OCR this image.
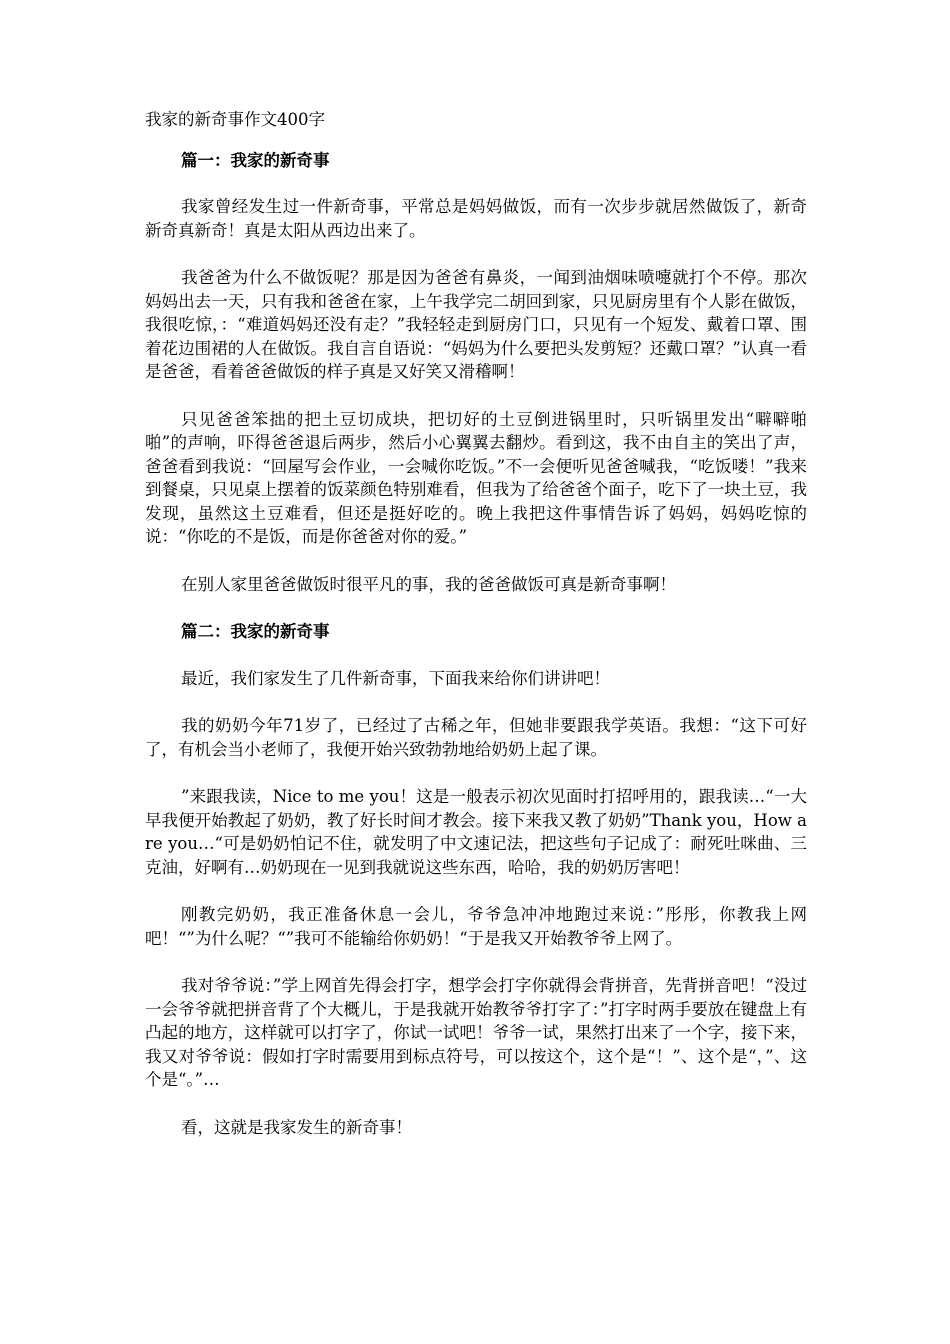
我家的新奇事作文400字

篇一：我家的新奇事

我家曾经发生过一件新奇事，平常总是妈妈做饭，而有一次步步就居然做饭了，新奇新奇真新奇！真是太阳从西边出来了。

我爸爸为什么不做饭呢？那是因为爸爸有鼻炎，一闻到油烟味喷嚏就打个不停。那次妈妈出去一天，只有我和爸爸在家，上午我学完二胡回到家，只见厨房里有个人影在做饭，我很吃惊，：“难道妈妈还没有走？”我轻轻走到厨房门口，只见有一个短发、戴着口罩、围着花边围裙的人在做饭。我自言自语说：“妈妈为什么要把头发剪短？还戴口罩？”认真一看是爸爸，看着爸爸做饭的样子真是又好笑又滑稽啊！

只见爸爸笨拙的把土豆切成块，把切好的土豆倒进锅里时，只听锅里发出“噼噼啪啪”的声响，吓得爸爸退后两步，然后小心翼翼去翻炒。看到这，我不由自主的笑出了声，爸爸看到我说：“回屋写会作业，一会喊你吃饭。”不一会便听见爸爸喊我，“吃饭喽！”我来到餐桌，只见桌上摆着的饭菜颜色特别难看，但我为了给爸爸个面子，吃下了一块土豆，我发现，虽然这土豆难看，但还是挺好吃的。晚上我把这件事情告诉了妈妈，妈妈吃惊的说：“你吃的不是饭，而是你爸爸对你的爱。”

在别人家里爸爸做饭时很平凡的事，我的爸爸做饭可真是新奇事啊！

篇二：我家的新奇事

最近，我们家发生了几件新奇事，下面我来给你们讲讲吧！

我的奶奶今年71岁了，已经过了古稀之年，但她非要跟我学英语。我想：“这下可好了，有机会当小老师了，我便开始兴致勃勃地给奶奶上起了课。

”来跟我读，Nice to me you！这是一般表示初次见面时打招呼用的，跟我读…“一大早我便开始教起了奶奶，教了好长时间才教会。接下来我又教了奶奶”Thank you，How are you…“可是奶奶怕记不住，就发明了中文速记法，把这些句子记成了：耐死吐咪曲、三克油，好啊有…奶奶现在一见到我就说这些东西，哈哈，我的奶奶厉害吧！

刚教完奶奶，我正准备休息一会儿，爷爷急冲冲地跑过来说：”彤彤，你教我上网吧！“”为什么呢？“”我可不能输给你奶奶！“于是我又开始教爷爷上网了。

我对爷爷说：”学上网首先得会打字，想学会打字你就得会背拼音，先背拼音吧！“没过一会爷爷就把拼音背了个大概儿，于是我就开始教爷爷打字了：”打字时两手要放在键盘上有凸起的地方，这样就可以打字了，你试一试吧！爷爷一试，果然打出来了一个字，接下来，我又对爷爷说：假如打字时需要用到标点符号，可以按这个，这个是“！”、这个是“，”、这个是“。”…

看，这就是我家发生的新奇事！
